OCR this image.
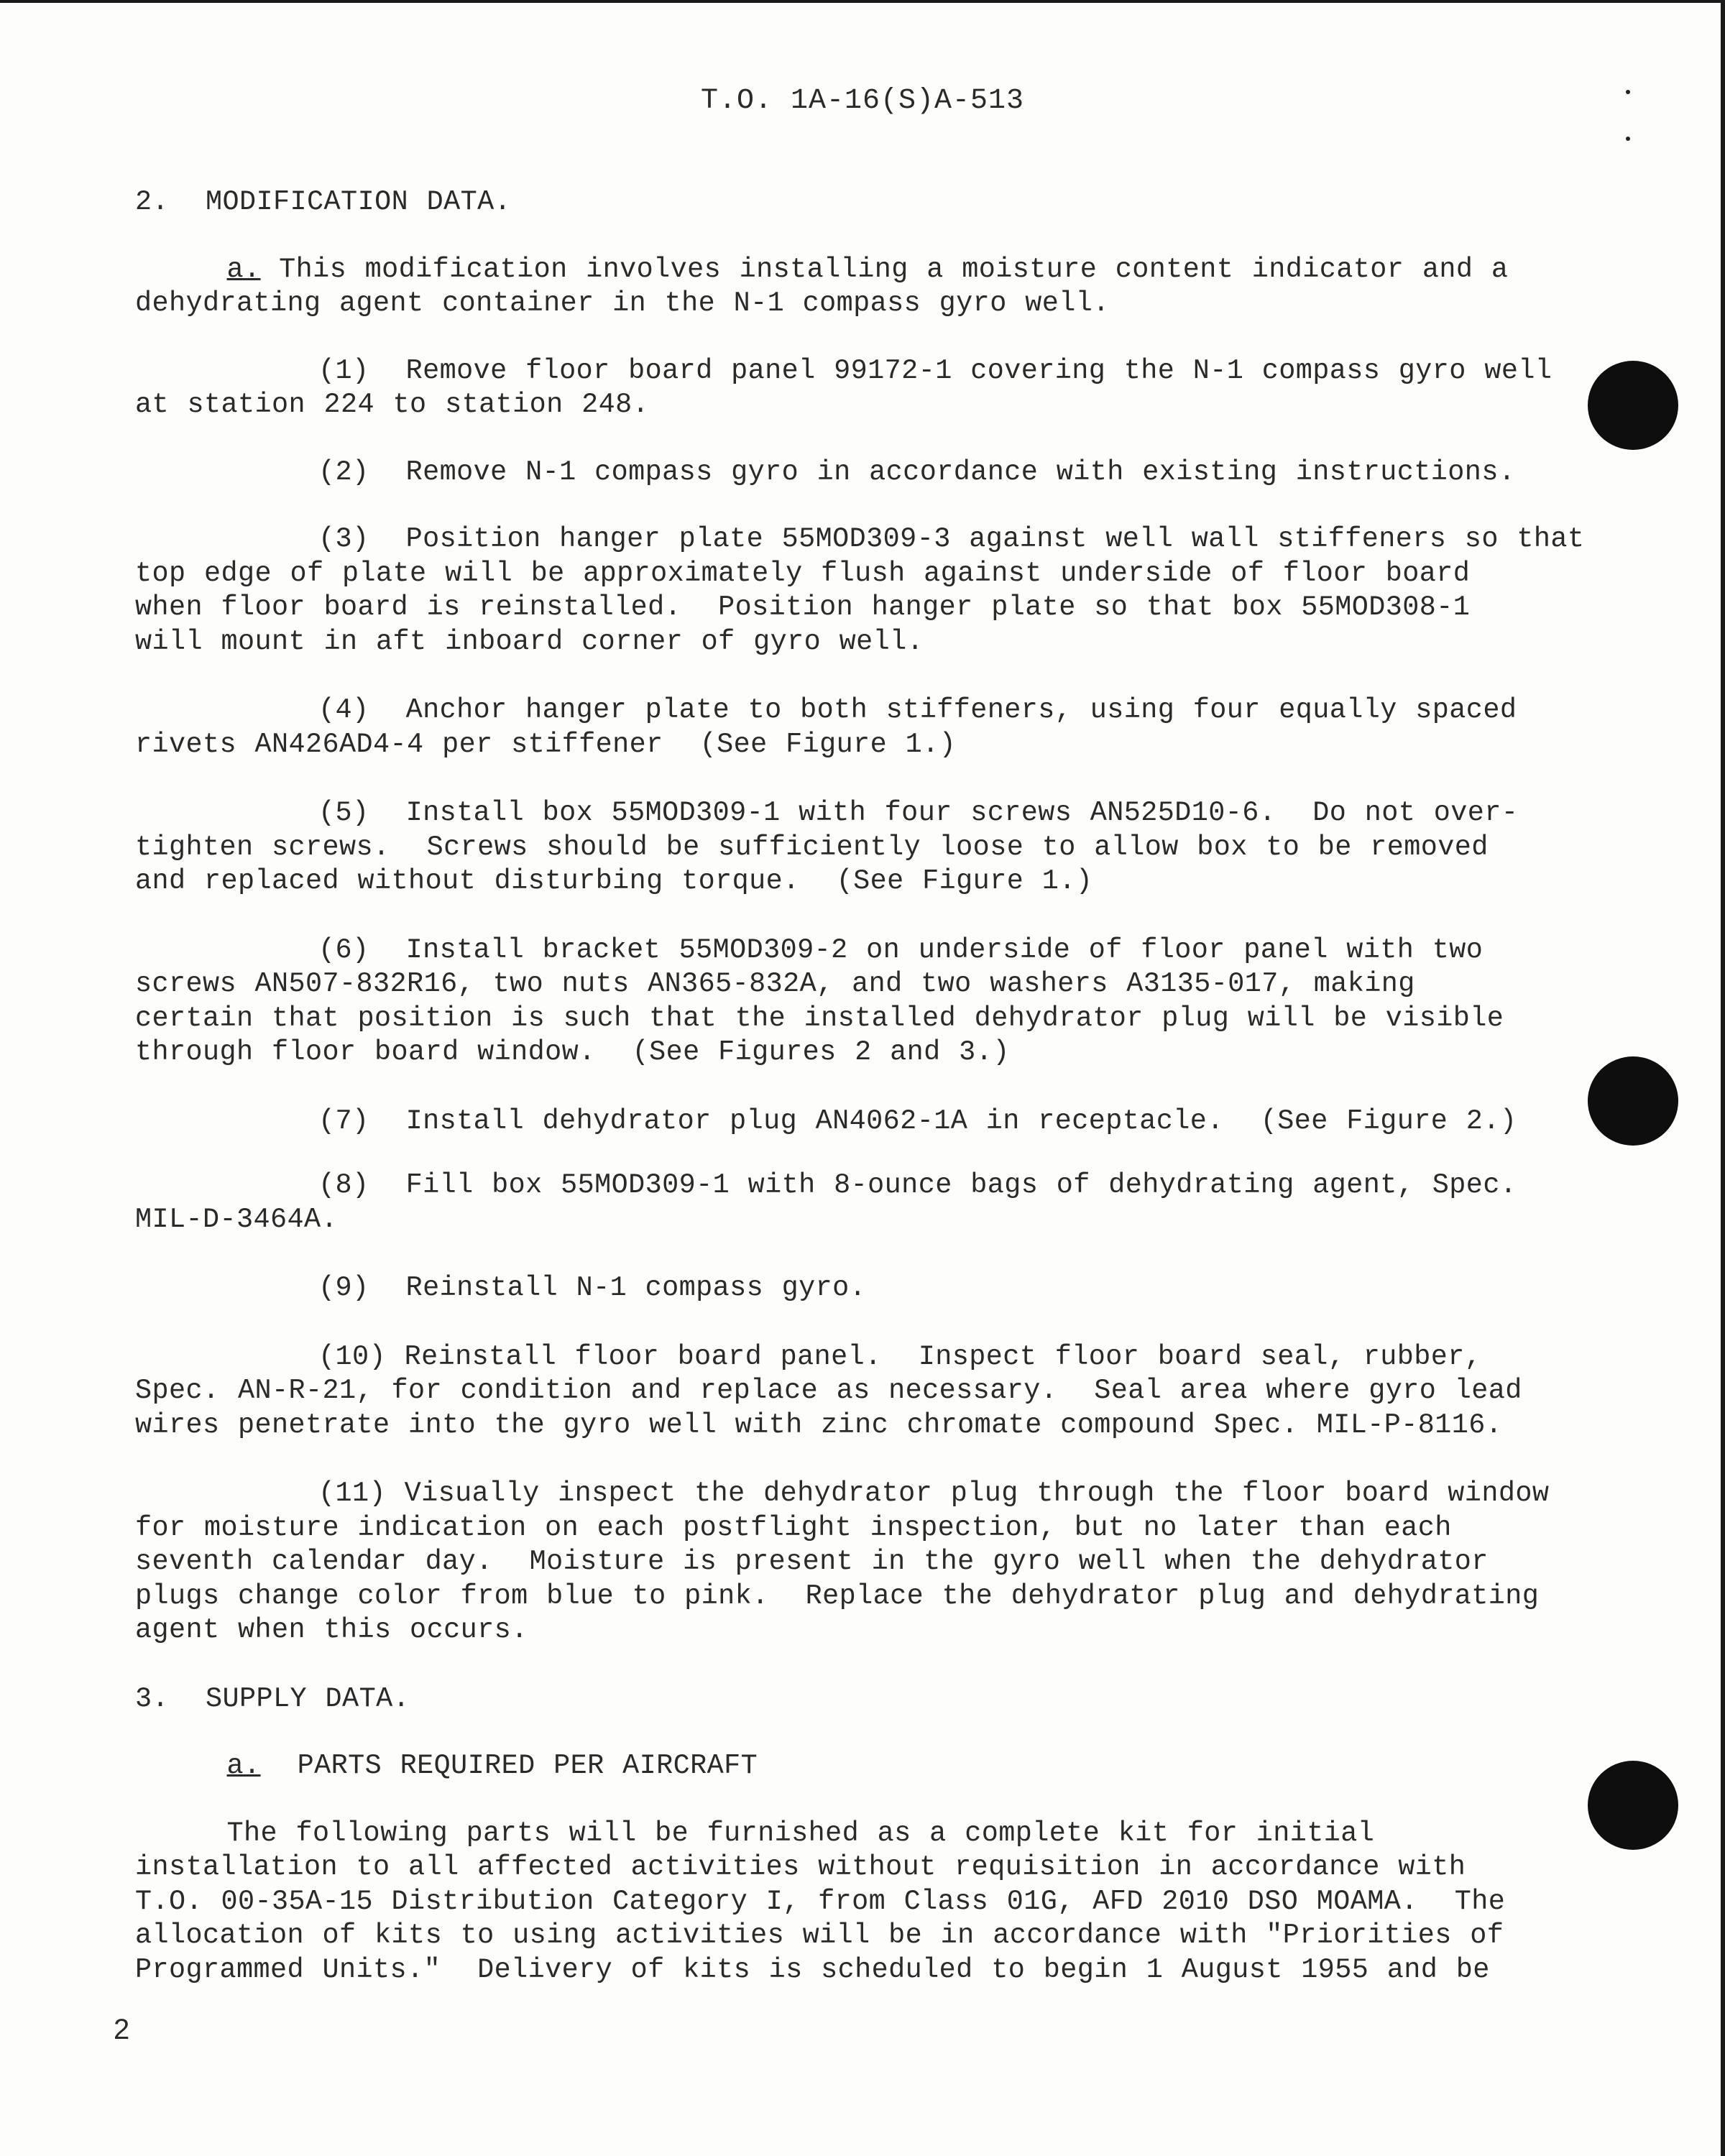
T.O. 1A-16(S)A-513
2. MODIFICATION DATA.
a. This modification involves installing a moisture content indicator and a
dehydrating agent container in the N-1 compass gyro well.
(1) Remove floor board panel 99172-1 covering the N-1 compass gyro well
at station 224 to station 248.
(2) Remove N-1 compass gyro in accordance with existing instructions.
(3) Position hanger plate 55MOD309-3 against well wall stiffeners so that
top edge of plate will be approximately flush against underside of floor board
when floor board is reinstalled.  Position hanger plate so that box 55MOD308-1
will mount in aft inboard corner of gyro well.
(4) Anchor hanger plate to both stiffeners, using four equally spaced
rivets AN426AD4-4 per stiffener  (See Figure 1.)
(5) Install box 55MOD309-1 with four screws AN525D10-6.  Do not over-
tighten screws.  Screws should be sufficiently loose to allow box to be removed
and replaced without disturbing torque.  (See Figure 1.)
(6) Install bracket 55MOD309-2 on underside of floor panel with two
screws AN507-832R16, two nuts AN365-832A, and two washers A3135-017, making
certain that position is such that the installed dehydrator plug will be visible
through floor board window.  (See Figures 2 and 3.)
(7) Install dehydrator plug AN4062-1A in receptacle.  (See Figure 2.)
(8) Fill box 55MOD309-1 with 8-ounce bags of dehydrating agent, Spec.
MIL-D-3464A.
(9) Reinstall N-1 compass gyro.
(10) Reinstall floor board panel.  Inspect floor board seal, rubber,
Spec. AN-R-21, for condition and replace as necessary.  Seal area where gyro lead
wires penetrate into the gyro well with zinc chromate compound Spec. MIL-P-8116.
(11) Visually inspect the dehydrator plug through the floor board window
for moisture indication on each postflight inspection, but no later than each
seventh calendar day.  Moisture is present in the gyro well when the dehydrator
plugs change color from blue to pink.  Replace the dehydrator plug and dehydrating
agent when this occurs.
3. SUPPLY DATA.
a. PARTS REQUIRED PER AIRCRAFT
The following parts will be furnished as a complete kit for initial
installation to all affected activities without requisition in accordance with
T.O. 00-35A-15 Distribution Category I, from Class 01G, AFD 2010 DSO MOAMA.  The
allocation of kits to using activities will be in accordance with "Priorities of
Programmed Units."  Delivery of kits is scheduled to begin 1 August 1955 and be
2
